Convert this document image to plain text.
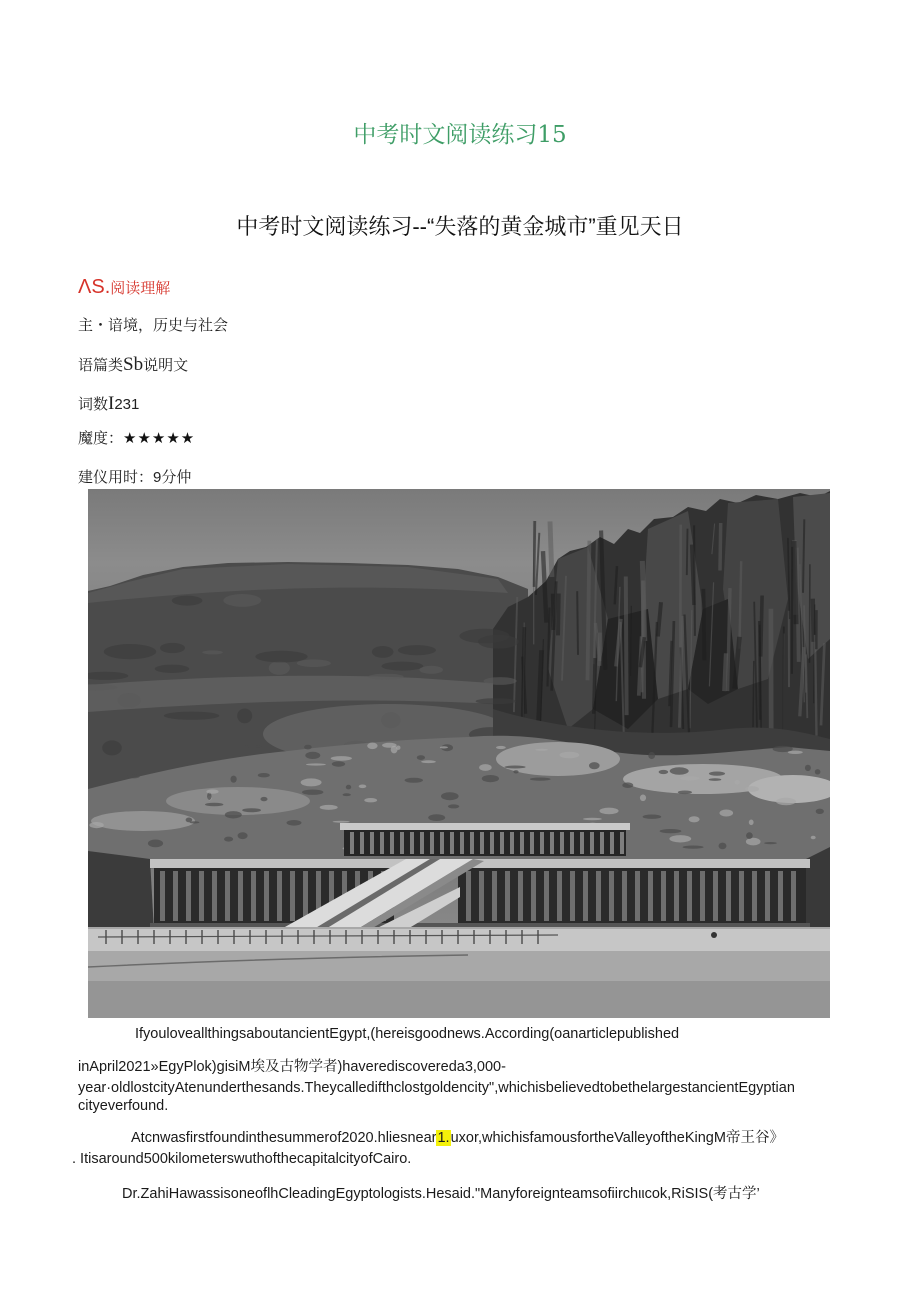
中考时文阅读练习15
中考时文阅读练习--“失落的黄金城市”重见天日
ΛS.阅读理解
主・谙境，历史与社会
语篇类Sb说明文
词数I231
魔度：★★★★★
建仪用时：9分仲
IfyouloveallthingsaboutancientEgypt,(hereisgoodnews.According(oanarticlepublished
inApril2021»EgyPlok)gisiM埃及古物学者)haverediscovereda3,000-
year·oldlostcityAtenunderthesands.Theycalledifthclostgoldencity",whichisbelievedtobethelargestancientEgyptian
cityeverfound.
Atcnwasfirstfoundinthesummerof2020.hliesnear1.uxor,whichisfamousfortheValleyoftheKingM帝王谷》
. Itisaround500kilometerswuthofthecapitalcityofCairo.
Dr.ZahiHawassisoneoflhCleadingEgyptologists.Hesaid."Manyforeignteamsofiirchιιcok,RiSIS(考古学’
